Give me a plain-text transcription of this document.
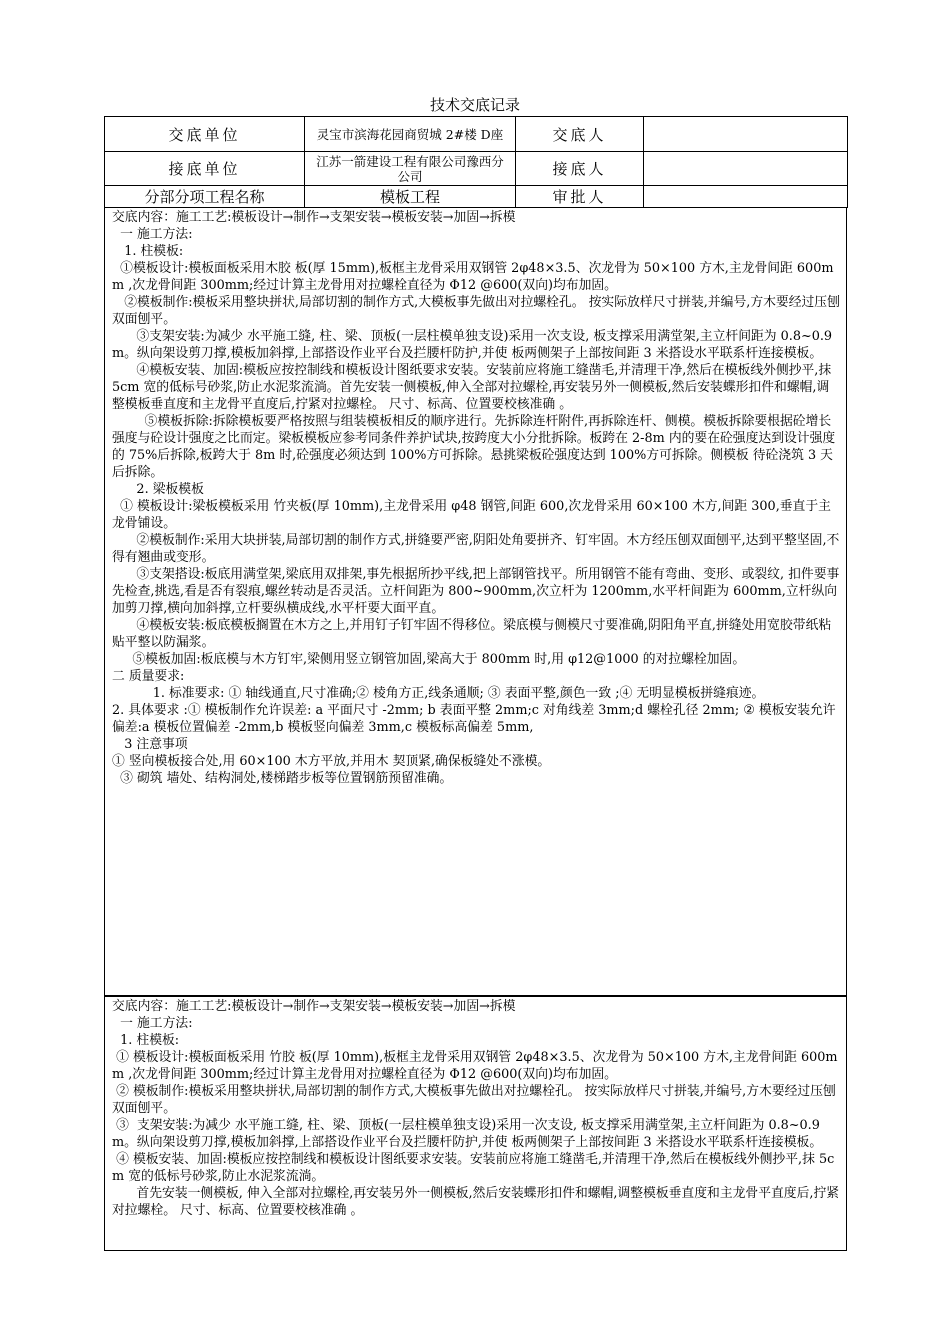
技术交底记录
交底单位	灵宝市滨海花园商贸城 2#楼 D座	交底人	
接底单位	江苏一箭建设工程有限公司豫西分公司	接底人	
分部分项工程名称	模板工程	审批人	

交底内容：施工工艺:模板设计→制作→支架安装→模板安装→加固→拆模

一 施工方法:

1. 柱模板:

①模板设计:模板面板采用木胶 板(厚 15mm),板框主龙骨采用双钢管 2φ48×3.5、次龙骨为 50×100 方木,主龙骨间距 600mm ,次龙骨间距 300mm;经过计算主龙骨用对拉螺栓直径为 Φ12 @600(双向)均布加固。

②模板制作:模板采用整块拼状,局部切割的制作方式,大模板事先做出对拉螺栓孔。 按实际放样尺寸拼装,并编号,方木要经过压刨双面刨平。

③支架安装:为减少 水平施工缝, 柱、梁、顶板(一层柱模单独支设)采用一次支设, 板支撑采用满堂架,主立杆间距为 0.8~0.9m。纵向架设剪刀撑,模板加斜撑,上部搭设作业平台及拦腰杆防护,并使 板两侧架子上部按间距 3 米搭设水平联系杆连接模板。

④模板安装、加固:模板应按控制线和模板设计图纸要求安装。安装前应将施工缝凿毛,并清理干净,然后在模板线外侧抄平,抹 5cm 宽的低标号砂浆,防止水泥浆流淌。首先安装一侧模板,伸入全部对拉螺栓,再安装另外一侧模板,然后安装蝶形扣件和螺帽,调整模板垂直度和主龙骨平直度后,拧紧对拉螺栓。 尺寸、标高、位置要校核准确 。

⑤模板拆除:拆除模板要严格按照与组装模板相反的顺序进行。先拆除连杆附件,再拆除连杆、侧模。模板拆除要根据砼增长强度与砼设计强度之比而定。梁板模板应参考同条件养护试块,按跨度大小分批拆除。板跨在 2-8m 内的要在砼强度达到设计强度的 75%后拆除,板跨大于 8m 时,砼强度必须达到 100%方可拆除。悬挑梁板砼强度达到 100%方可拆除。侧模板 待砼浇筑 3 天后拆除。

2. 梁板模板

① 模板设计:梁板模板采用 竹夹板(厚 10mm),主龙骨采用 φ48 钢管,间距 600,次龙骨采用 60×100 木方,间距 300,垂直于主龙骨铺设。

②模板制作:采用大块拼装,局部切割的制作方式,拼缝要严密,阴阳处角要拼齐、钉牢固。木方经压刨双面刨平,达到平整坚固,不得有翘曲或变形。

③支架搭设:板底用满堂架,梁底用双排架,事先根据所抄平线,把上部钢管找平。所用钢管不能有弯曲、变形、或裂纹, 扣件要事先检查,挑选,看是否有裂痕,螺丝转动是否灵活。立杆间距为 800~900mm,次立杆为 1200mm,水平杆间距为 600mm,立杆纵向加剪刀撑,横向加斜撑,立杆要纵横成线,水平杆要大面平直。

④模板安装:板底模板搁置在木方之上,并用钉子钉牢固不得移位。梁底模与侧模尺寸要准确,阴阳角平直,拼缝处用宽胶带纸粘贴平整以防漏浆。

⑤模板加固:板底模与木方钉牢,梁侧用竖立钢管加固,梁高大于 800mm 时,用 φ12@1000 的对拉螺栓加固。

二 质量要求:

1. 标准要求: ① 轴线通直,尺寸准确;② 棱角方正,线条通顺; ③ 表面平整,颜色一致 ;④ 无明显模板拼缝痕迹。

2. 具体要求 :① 模板制作允许误差: a 平面尺寸 -2mm; b 表面平整 2mm;c 对角线差 3mm;d 螺栓孔径 2mm; ② 模板安装允许偏差:a 模板位置偏差 -2mm,b 模板竖向偏差 3mm,c 模板标高偏差 5mm,

3 注意事项

① 竖向模板接合处,用 60×100 木方平放,并用木 契顶紧,确保板缝处不涨模。

③ 砌筑 墙处、结构洞处,楼梯踏步板等位置钢筋预留准确。

交底内容：施工工艺:模板设计→制作→支架安装→模板安装→加固→拆模

一 施工方法:

1. 柱模板:

① 模板设计:模板面板采用 竹胶 板(厚 10mm),板框主龙骨采用双钢管 2φ48×3.5、次龙骨为 50×100 方木,主龙骨间距 600mm ,次龙骨间距 300mm;经过计算主龙骨用对拉螺栓直径为 Φ12 @600(双向)均布加固。

② 模板制作:模板采用整块拼状,局部切割的制作方式,大模板事先做出对拉螺栓孔。 按实际放样尺寸拼装,并编号,方木要经过压刨双面刨平。

③  支架安装:为减少 水平施工缝, 柱、梁、顶板(一层柱模单独支设)采用一次支设, 板支撑采用满堂架,主立杆间距为 0.8~0.9m。纵向架设剪刀撑,模板加斜撑,上部搭设作业平台及拦腰杆防护,并使 板两侧架子上部按间距 3 米搭设水平联系杆连接模板。

④ 模板安装、加固:模板应按控制线和模板设计图纸要求安装。安装前应将施工缝凿毛,并清理干净,然后在模板线外侧抄平,抹 5cm 宽的低标号砂浆,防止水泥浆流淌。

首先安装一侧模板, 伸入全部对拉螺栓,再安装另外一侧模板,然后安装蝶形扣件和螺帽,调整模板垂直度和主龙骨平直度后,拧紧对拉螺栓。 尺寸、标高、位置要校核准确 。
